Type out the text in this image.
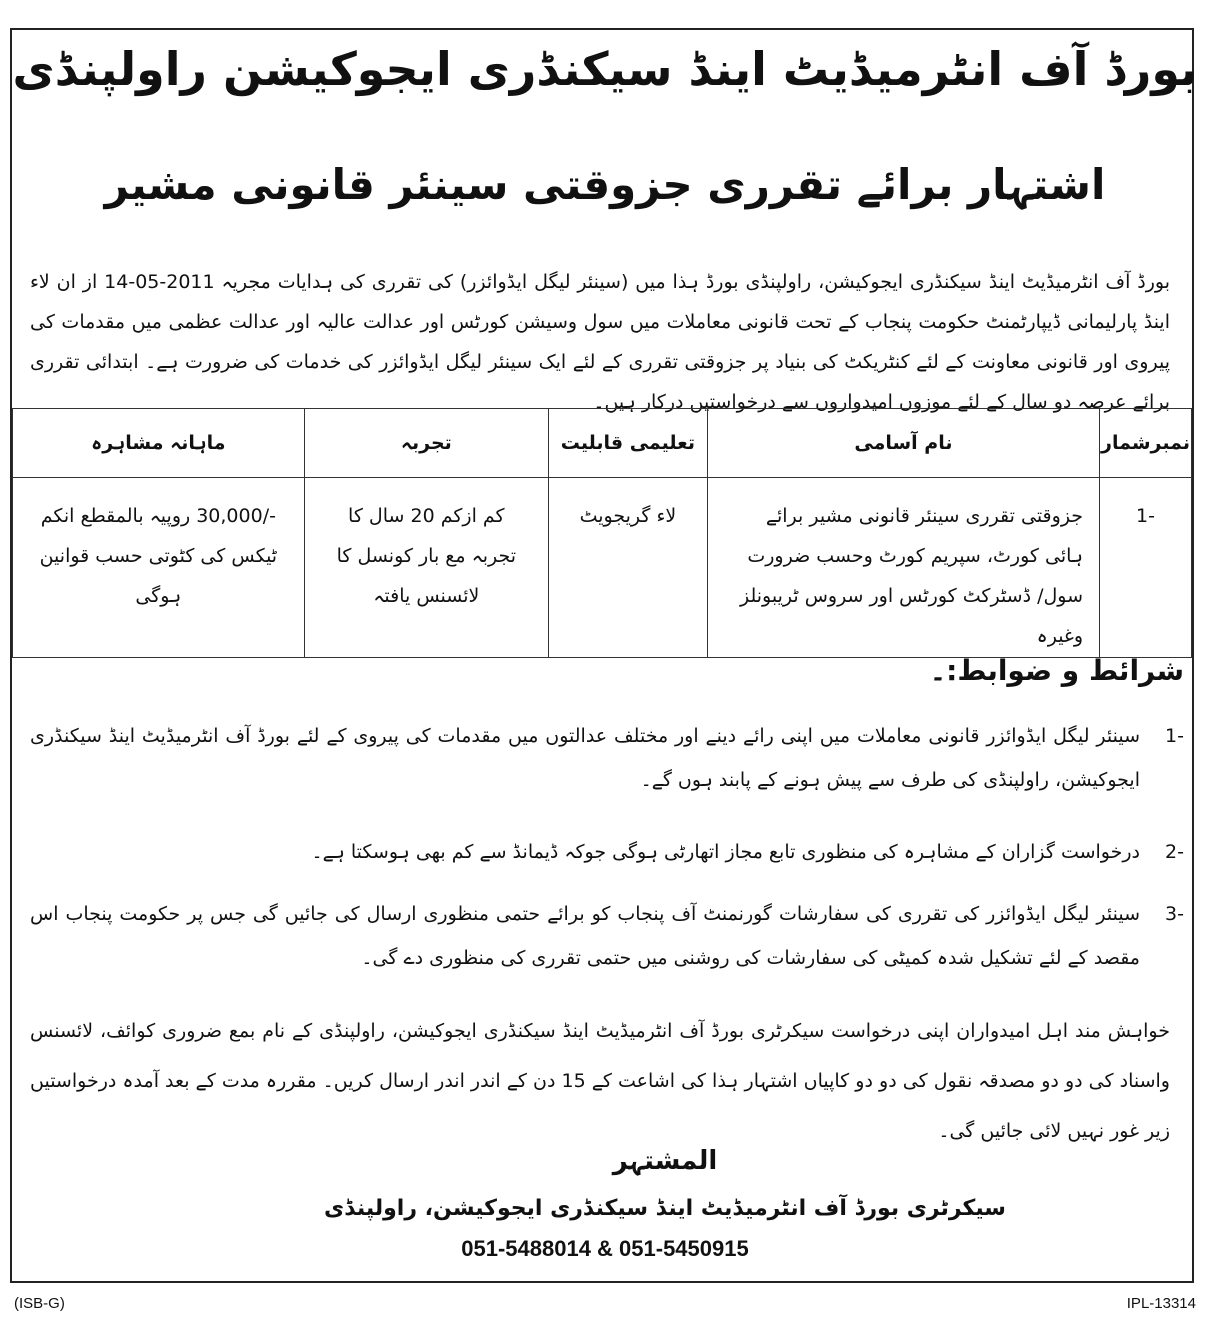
بورڈ آف انٹرمیڈیٹ اینڈ سیکنڈری ایجوکیشن راولپنڈی
اشتہار برائے تقرری جزوقتی سینئر قانونی مشیر
بورڈ آف انٹرمیڈیٹ اینڈ سیکنڈری ایجوکیشن، راولپنڈی بورڈ ہذا میں (سینئر لیگل ایڈوائزر) کی تقرری کی ہدایات مجریہ 2011-05-14 از ان لاء اینڈ پارلیمانی ڈیپارٹمنٹ حکومت پنجاب کے تحت قانونی معاملات میں سول وسیشن کورٹس اور عدالت عالیہ اور عدالت عظمی میں مقدمات کی پیروی اور قانونی معاونت کے لئے کنٹریکٹ کی بنیاد پر جزوقتی تقرری کے لئے ایک سینئر لیگل ایڈوائزر کی خدمات کی ضرورت ہے۔ ابتدائی تقرری برائے عرصہ دو سال کے لئے موزوں امیدواروں سے درخواستیں درکار ہیں۔
نمبرشمار	نام آسامی	تعلیمی قابلیت	تجربہ	ماہانہ مشاہرہ
-1	جزوقتی تقرری سینئر قانونی مشیر برائے ہائی کورٹ، سپریم کورٹ وحسب ضرورت سول/ ڈسٹرکٹ کورٹس اور سروس ٹریبونلز وغیرہ	لاء گریجویٹ	کم ازکم 20 سال کا تجربہ مع بار کونسل کا لائسنس یافتہ	-/30,000 روپیہ بالمقطع انکم ٹیکس کی کٹوتی حسب قوانین ہوگی
شرائط و ضوابط:۔
-1
سینئر لیگل ایڈوائزر قانونی معاملات میں اپنی رائے دینے اور مختلف عدالتوں میں مقدمات کی پیروی کے لئے بورڈ آف انٹرمیڈیٹ اینڈ سیکنڈری ایجوکیشن، راولپنڈی کی طرف سے پیش ہونے کے پابند ہوں گے۔
-2
درخواست گزاران کے مشاہرہ کی منظوری تابع مجاز اتھارٹی ہوگی جوکہ ڈیمانڈ سے کم بھی ہوسکتا ہے۔
-3
سینئر لیگل ایڈوائزر کی تقرری کی سفارشات گورنمنٹ آف پنجاب کو برائے حتمی منظوری ارسال کی جائیں گی جس پر حکومت پنجاب اس مقصد کے لئے تشکیل شدہ کمیٹی کی سفارشات کی روشنی میں حتمی تقرری کی منظوری دے گی۔
خواہش مند اہل امیدواران اپنی درخواست سیکرٹری بورڈ آف انٹرمیڈیٹ اینڈ سیکنڈری ایجوکیشن، راولپنڈی کے نام بمع ضروری کوائف، لائسنس واسناد کی دو دو مصدقہ نقول کی دو دو کاپیاں اشتہار ہذا کی اشاعت کے 15 دن کے اندر اندر ارسال کریں۔ مقررہ مدت کے بعد آمدہ درخواستیں زیر غور نہیں لائی جائیں گی۔
المشتہر
سیکرٹری بورڈ آف انٹرمیڈیٹ اینڈ سیکنڈری ایجوکیشن، راولپنڈی
051-5488014 & 051-5450915
(ISB-G)	IPL-13314
